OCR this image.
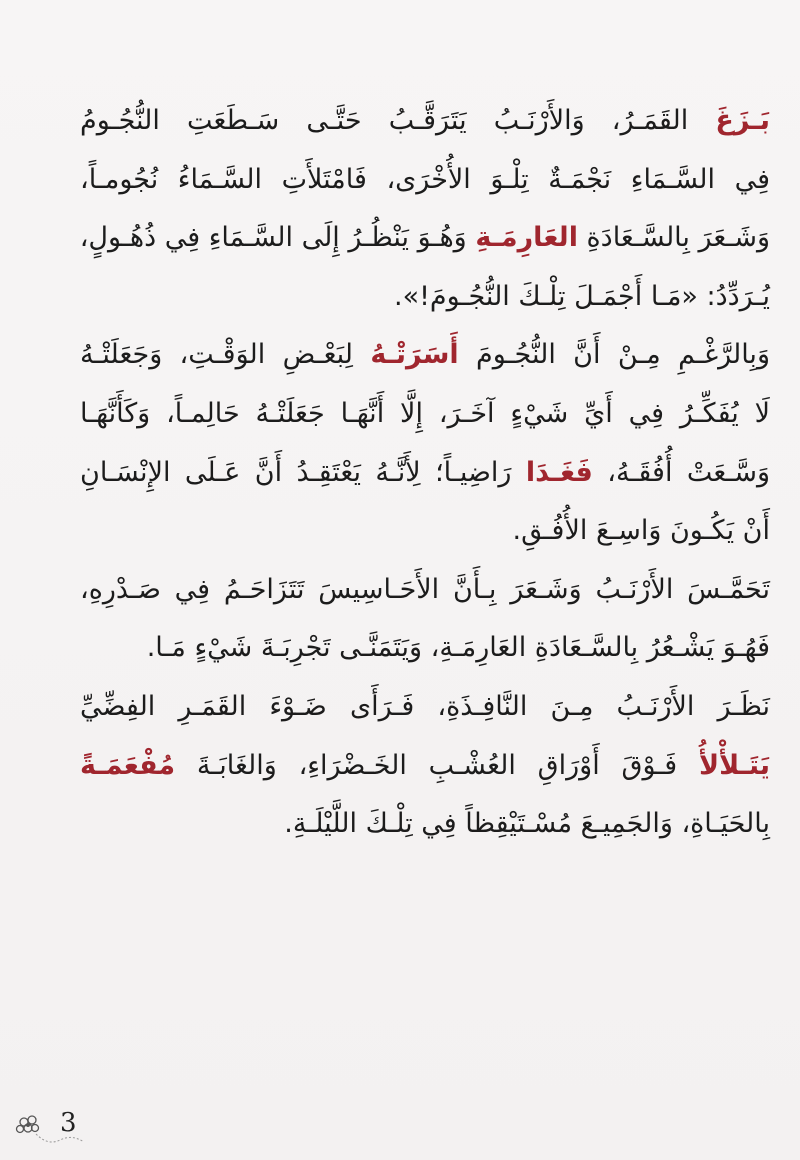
بَـزَغَ القَمَـرُ، وَالأَرْنَـبُ يَتَرَقَّـبُ حَتَّـى سَـطَعَتِ النُّجُـومُ
فِي السَّـمَاءِ نَجْمَـةٌ تِلْـوَ الأُخْرَى، فَامْتَلأَتِ السَّـمَاءُ نُجُومـاً،
وَشَـعَرَ بِالسَّـعَادَةِ العَارِمَـةِ وَهُـوَ يَنْظُـرُ إِلَى السَّـمَاءِ فِي ذُهُـولٍ،
يُـرَدِّدُ: «مَـا أَجْمَـلَ تِلْـكَ النُّجُـومَ!».
وَبِالرَّغْـمِ مِـنْ أَنَّ النُّجُـومَ أَسَرَتْـهُ لِبَعْـضِ الوَقْـتِ، وَجَعَلَتْـهُ
لَا يُفَكِّـرُ فِي أَيِّ شَيْءٍ آخَـرَ، إِلَّا أَنَّهَـا جَعَلَتْـهُ حَالِمـاً، وَكَأَنَّهَـا
وَسَّـعَتْ أُفُقَـهُ، فَغَـدَا رَاضِيـاً؛ لِأَنَّـهُ يَعْتَقِـدُ أَنَّ عَـلَى الإِنْسَـانِ
أَنْ يَكُـونَ وَاسِـعَ الأُفُـقِ.
تَحَمَّـسَ الأَرْنَـبُ وَشَـعَرَ بِـأَنَّ الأَحَـاسِيسَ تَتَزَاحَـمُ فِي صَـدْرِهِ،
فَهُـوَ يَشْـعُرُ بِالسَّـعَادَةِ العَارِمَـةِ، وَيَتَمَنَّـى تَجْرِبَـةَ شَيْءٍ مَـا.
نَظَـرَ الأَرْنَـبُ مِـنَ النَّافِـذَةِ، فَـرَأَى ضَـوْءَ القَمَـرِ الفِضِّيِّ
يَتَـلأْلأُ فَـوْقَ أَوْرَاقِ العُشْـبِ الخَـضْرَاءِ، وَالغَابَـةَ مُفْعَمَـةً
بِالحَيَـاةِ، وَالجَمِيـعَ مُسْـتَيْقِظاً فِي تِلْـكَ اللَّيْلَـةِ.
3
